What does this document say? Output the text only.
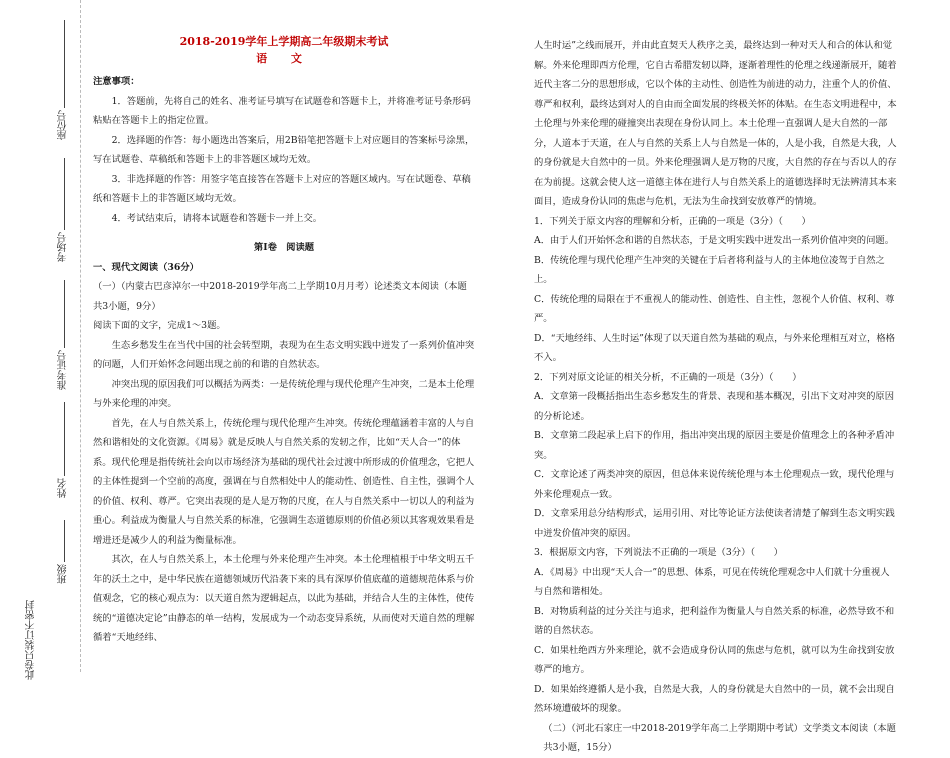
座位号
考场号
准考证号
姓名
班级
此卷只装订不密封

2018-2019学年上学期高二年级期末考试

语 文

注意事项：

1．答题前，先将自己的姓名、准考证号填写在试题卷和答题卡上，并将准考证号条形码粘贴在答题卡上的指定位置。

2．选择题的作答：每小题选出答案后，用2B铅笔把答题卡上对应题目的答案标号涂黑，写在试题卷、草稿纸和答题卡上的非答题区域均无效。

3．非选择题的作答：用签字笔直接答在答题卡上对应的答题区域内。写在试题卷、草稿纸和答题卡上的非答题区域均无效。

4．考试结束后，请将本试题卷和答题卡一并上交。

第Ⅰ卷　阅读题

一、现代文阅读（36分）

（一）（内蒙古巴彦淖尔一中2018-2019学年高二上学期10月月考）论述类文本阅读（本题共3小题，9分）

阅读下面的文字，完成1～3题。

生态乡愁发生在当代中国的社会转型期，表现为在生态文明实践中迸发了一系列价值冲突的问题，人们开始怀念问题出现之前的和谐的自然状态。

冲突出现的原因我们可以概括为两类：一是传统伦理与现代伦理产生冲突，二是本土伦理与外来伦理的冲突。

首先，在人与自然关系上，传统伦理与现代伦理产生冲突。传统伦理蕴涵着丰富的人与自然和谐相处的文化资源。《周易》就是反映人与自然关系的发轫之作，比如“天人合一”的体系。现代伦理是指传统社会向以市场经济为基础的现代社会过渡中所形成的价值理念，它把人的主体性提到一个空前的高度，强调在与自然相处中人的能动性、创造性、自主性，强调个人的价值、权利、尊严。它突出表现的是人是万物的尺度，在人与自然关系中一切以人的利益为重心。利益成为衡量人与自然关系的标准，它强调生态道德原则的价值必须以其客观效果看是增进还是减少人的利益为衡量标准。

其次，在人与自然关系上，本土伦理与外来伦理产生冲突。本土伦理植根于中华文明五千年的沃土之中，是中华民族在道德领域历代沿袭下来的具有深厚价值底蕴的道德规范体系与价值观念，它的核心观点为：以天道自然为逻辑起点，以此为基础，并结合人生的主体性，使传统的“道德决定论”由静态的单一结构，发展成为一个动态变异系统，从而使对天道自然的理解循着“天地经纬、

人生时运”之线而展开，并由此直契天人秩序之美，最终达到一种对天人和合的体认和觉解。外来伦理即西方伦理，它自古希腊发轫以降，逐渐着理性的伦理之线递渐展开，随着近代主客二分的思想形成，它以个体的主动性、创造性为前进的动力，注重个人的价值、尊严和权利，最终达到对人的自由而全面发展的终极关怀的体贴。在生态文明进程中，本土伦理与外来伦理的碰撞突出表现在身份认同上。本土伦理一直强调人是大自然的一部分，人道本于天道，在人与自然的关系上人与自然是一体的，人是小我，自然是大我，人的身份就是大自然中的一员。外来伦理强调人是万物的尺度，大自然的存在与否以人的存在为前提。这就会使人这一道德主体在进行人与自然关系上的道德选择时无法辨清其本来面目，造成身份认同的焦虑与危机，无法为生命找到安放尊严的情境。

1．下列关于原文内容的理解和分析，正确的一项是（3分）（　　）

A．由于人们开始怀念和谐的自然状态，于是文明实践中迸发出一系列价值冲突的问题。

B．传统伦理与现代伦理产生冲突的关键在于后者将利益与人的主体地位凌驾于自然之上。

C．传统伦理的局限在于不重视人的能动性、创造性、自主性，忽视个人价值、权利、尊严。

D．“天地经纬、人生时运”体现了以天道自然为基础的观点，与外来伦理相互对立，格格不入。

2．下列对原文论证的相关分析，不正确的一项是（3分）（　　）

A．文章第一段概括指出生态乡愁发生的背景、表现和基本概况，引出下文对冲突的原因的分析论述。

B．文章第二段起承上启下的作用，指出冲突出现的原因主要是价值理念上的各种矛盾冲突。

C．文章论述了两类冲突的原因，但总体来说传统伦理与本土伦理观点一致，现代伦理与外来伦理观点一致。

D．文章采用总分结构形式，运用引用、对比等论证方法使读者清楚了解到生态文明实践中迸发价值冲突的原因。

3．根据原文内容，下列说法不正确的一项是（3分）（　　）

A．《周易》中出现“天人合一”的思想、体系，可见在传统伦理观念中人们就十分重视人与自然和谐相处。

B．对物质利益的过分关注与追求，把利益作为衡量人与自然关系的标准，必然导致不和谐的自然状态。

C．如果杜绝西方外来理论，就不会造成身份认同的焦虑与危机，就可以为生命找到安放尊严的地方。

D．如果始终遵循人是小我，自然是大我，人的身份就是大自然中的一员，就不会出现自然环境遭破坏的现象。

（二）（河北石家庄一中2018-2019学年高二上学期期中考试）文学类文本阅读（本题共3小题，15分）
